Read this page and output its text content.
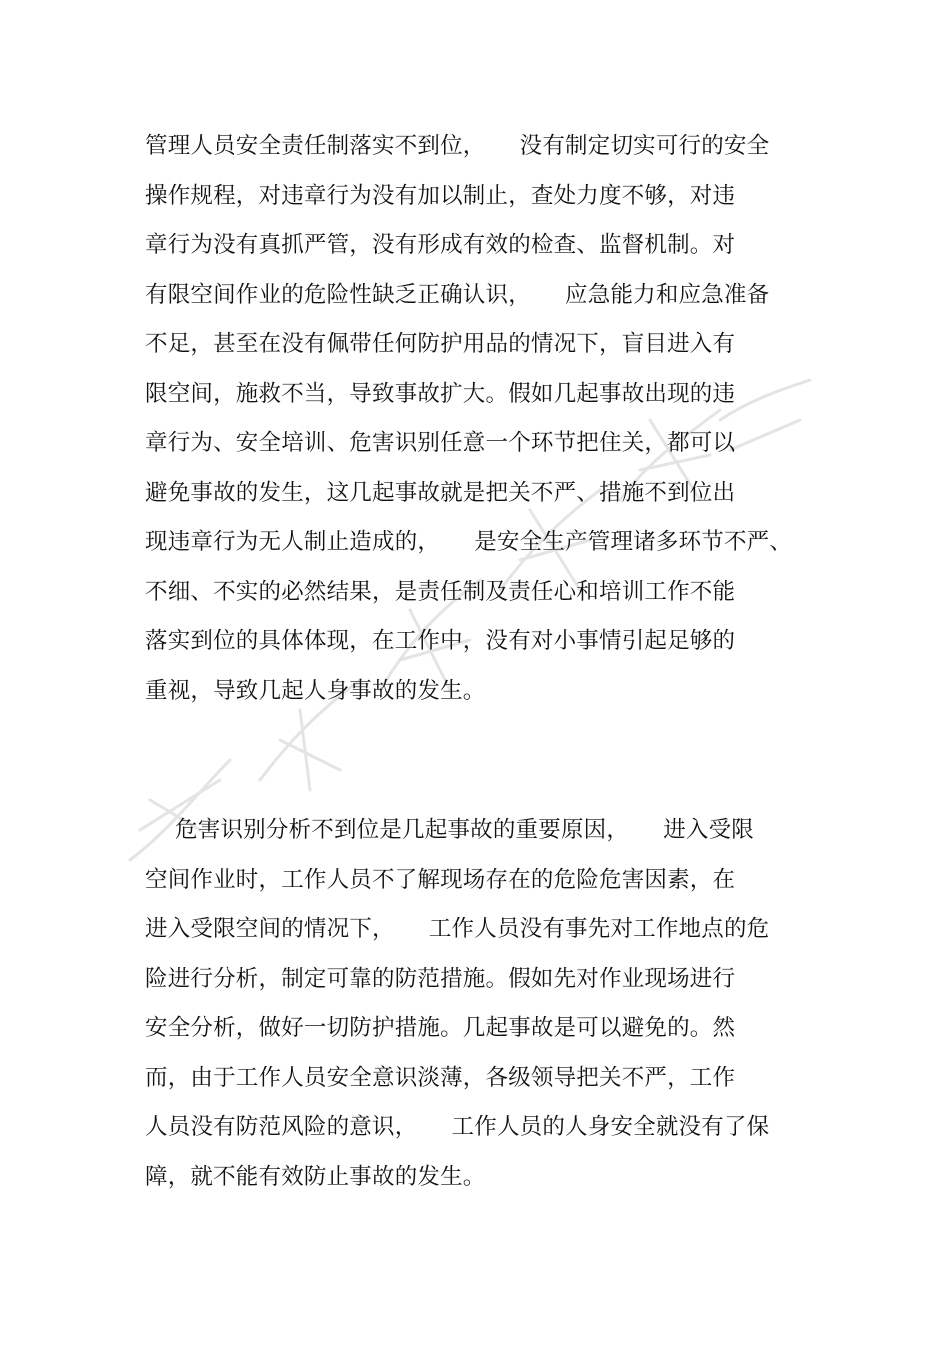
管理人员安全责任制落实不到位，　　没有制定切实可行的安全
操作规程，对违章行为没有加以制止，查处力度不够，对违
章行为没有真抓严管，没有形成有效的检查、监督机制。对
有限空间作业的危险性缺乏正确认识，　　应急能力和应急准备
不足，甚至在没有佩带任何防护用品的情况下，盲目进入有
限空间，施救不当，导致事故扩大。假如几起事故出现的违
章行为、安全培训、危害识别任意一个环节把住关，都可以
避免事故的发生，这几起事故就是把关不严、措施不到位出
现违章行为无人制止造成的，　　是安全生产管理诸多环节不严、
不细、不实的必然结果，是责任制及责任心和培训工作不能
落实到位的具体体现，在工作中，没有对小事情引起足够的
重视，导致几起人身事故的发生。
　 危害识别分析不到位是几起事故的重要原因，　　进入受限
空间作业时，工作人员不了解现场存在的危险危害因素，在
进入受限空间的情况下，　　工作人员没有事先对工作地点的危
险进行分析，制定可靠的防范措施。假如先对作业现场进行
安全分析，做好一切防护措施。几起事故是可以避免的。然
而，由于工作人员安全意识淡薄，各级领导把关不严，工作
人员没有防范风险的意识，　　工作人员的人身安全就没有了保
障，就不能有效防止事故的发生。
